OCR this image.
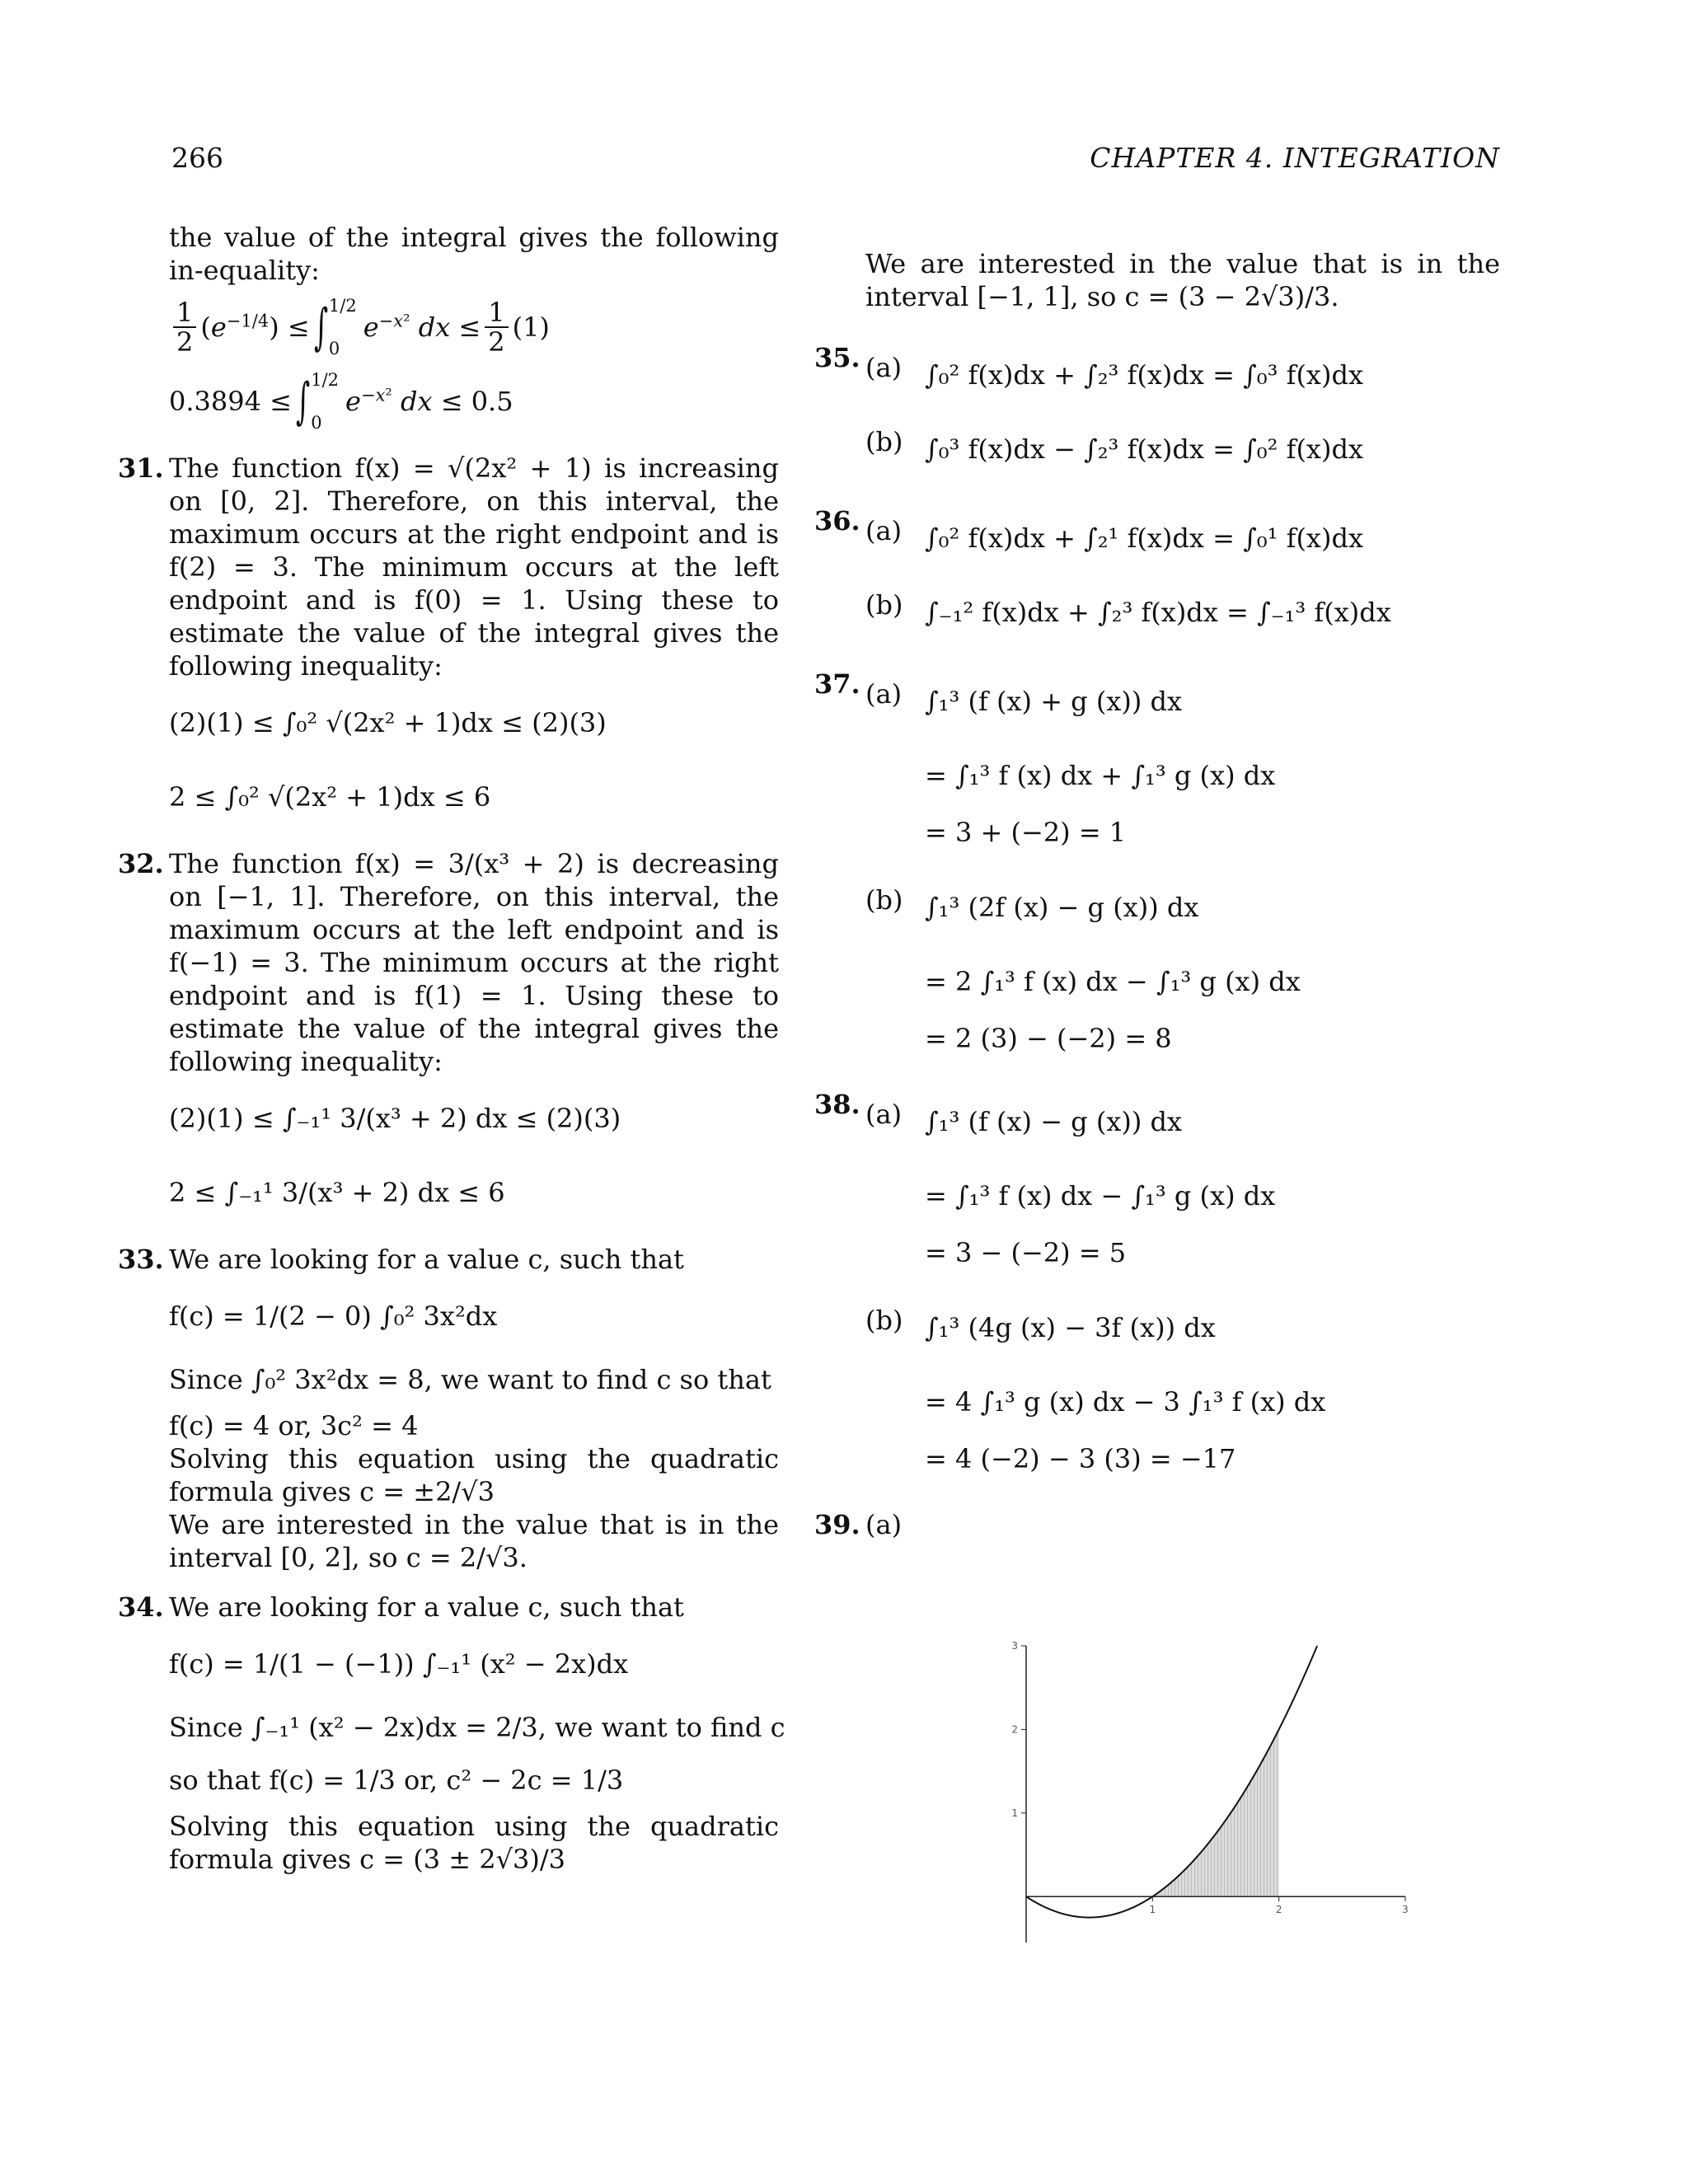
266	CHAPTER 4. INTEGRATION
the value of the integral gives the following in-equality:
$\frac{1}{2} (e^{-1/4})$ ≤ ∫ 1/2
0
$e^{-x^2}$ dx ≤ $\frac{1}{2} (1)$
0.3894 ≤ ∫ 1/2
0
$e^{-x^2}$ dx ≤ 0.5
31. The function f(x) = √(2x² + 1) is increasing on [0, 2]. Therefore, on this interval, the maximum occurs at the right endpoint and is f(2) = 3. The minimum occurs at the left endpoint and is f(0) = 1. Using these to estimate the value of the integral gives the following inequality:
(2)(1) ≤ ∫₀² √(2x² + 1)dx ≤ (2)(3)
2 ≤ ∫₀² √(2x² + 1)dx ≤ 6
32. The function f(x) = 3/(x³ + 2) is decreasing on [−1, 1]. Therefore, on this interval, the maximum occurs at the left endpoint and is f(−1) = 3. The minimum occurs at the right endpoint and is f(1) = 1. Using these to estimate the value of the integral gives the following inequality:
(2)(1) ≤ ∫₋₁¹ 3/(x³ + 2) dx ≤ (2)(3)
2 ≤ ∫₋₁¹ 3/(x³ + 2) dx ≤ 6
33. We are looking for a value c, such that
f(c) = 1/(2 − 0) ∫₀² 3x²dx
Since ∫₀² 3x²dx = 8, we want to find c so that
f(c) = 4 or, 3c² = 4
Solving this equation using the quadratic formula gives c = ±2/√3
We are interested in the value that is in the interval [0, 2], so c = 2/√3.
34. We are looking for a value c, such that
f(c) = 1/(1 − (−1)) ∫₋₁¹ (x² − 2x)dx
Since ∫₋₁¹ (x² − 2x)dx = 2/3, we want to find c
so that f(c) = 1/3 or, c² − 2c = 1/3
Solving this equation using the quadratic formula gives c = (3 ± 2√3)/3
We are interested in the value that is in the interval [−1, 1], so c = (3 − 2√3)/3.
35. (a) ∫₀² f(x)dx + ∫₂³ f(x)dx = ∫₀³ f(x)dx
(b) ∫₀³ f(x)dx − ∫₂³ f(x)dx = ∫₀² f(x)dx
36. (a) ∫₀² f(x)dx + ∫₂¹ f(x)dx = ∫₀¹ f(x)dx
(b) ∫₋₁² f(x)dx + ∫₂³ f(x)dx = ∫₋₁³ f(x)dx
37. (a) ∫₁³ (f (x) + g (x)) dx
= ∫₁³ f (x) dx + ∫₁³ g (x) dx
= 3 + (−2) = 1
(b) ∫₁³ (2f (x) − g (x)) dx
= 2 ∫₁³ f (x) dx − ∫₁³ g (x) dx
= 2 (3) − (−2) = 8
38. (a) ∫₁³ (f (x) − g (x)) dx
= ∫₁³ f (x) dx − ∫₁³ g (x) dx
= 3 − (−2) = 5
(b) ∫₁³ (4g (x) − 3f (x)) dx
= 4 ∫₁³ g (x) dx − 3 ∫₁³ f (x) dx
= 4 (−2) − 3 (3) = −17
39. (a)

1	2	3
1
2
3
